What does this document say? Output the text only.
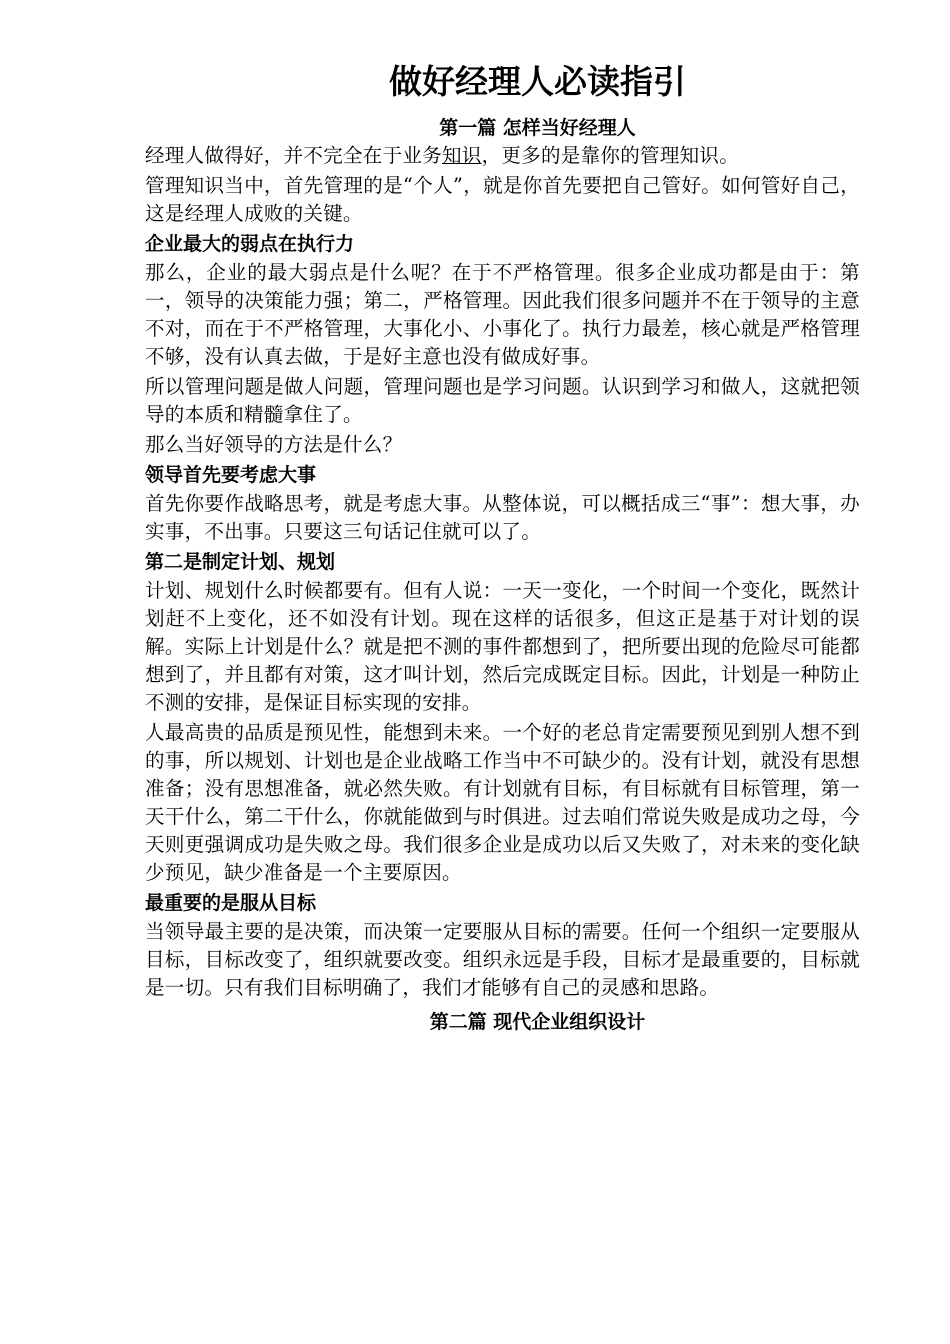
做好经理人必读指引
第一篇 怎样当好经理人

经理人做得好，并不完全在于业务知识，更多的是靠你的管理知识。

管理知识当中，首先管理的是“个人”，就是你首先要把自己管好。如何管好自己，这是经理人成败的关键。

企业最大的弱点在执行力

那么，企业的最大弱点是什么呢？在于不严格管理。很多企业成功都是由于：第一，领导的决策能力强；第二，严格管理。因此我们很多问题并不在于领导的主意不对，而在于不严格管理，大事化小、小事化了。执行力最差，核心就是严格管理不够，没有认真去做，于是好主意也没有做成好事。

所以管理问题是做人问题，管理问题也是学习问题。认识到学习和做人，这就把领导的本质和精髓拿住了。

那么当好领导的方法是什么？

领导首先要考虑大事

首先你要作战略思考，就是考虑大事。从整体说，可以概括成三“事”：想大事，办实事，不出事。只要这三句话记住就可以了。

第二是制定计划、规划

计划、规划什么时候都要有。但有人说：一天一变化，一个时间一个变化，既然计划赶不上变化，还不如没有计划。现在这样的话很多，但这正是基于对计划的误解。实际上计划是什么？就是把不测的事件都想到了，把所要出现的危险尽可能都想到了，并且都有对策，这才叫计划，然后完成既定目标。因此，计划是一种防止不测的安排，是保证目标实现的安排。

人最高贵的品质是预见性，能想到未来。一个好的老总肯定需要预见到别人想不到的事，所以规划、计划也是企业战略工作当中不可缺少的。没有计划，就没有思想准备；没有思想准备，就必然失败。有计划就有目标，有目标就有目标管理，第一天干什么，第二干什么，你就能做到与时俱进。过去咱们常说失败是成功之母，今天则更强调成功是失败之母。我们很多企业是成功以后又失败了，对未来的变化缺少预见，缺少准备是一个主要原因。

最重要的是服从目标

当领导最主要的是决策，而决策一定要服从目标的需要。任何一个组织一定要服从目标，目标改变了，组织就要改变。组织永远是手段，目标才是最重要的，目标就是一切。只有我们目标明确了，我们才能够有自己的灵感和思路。

第二篇 现代企业组织设计
